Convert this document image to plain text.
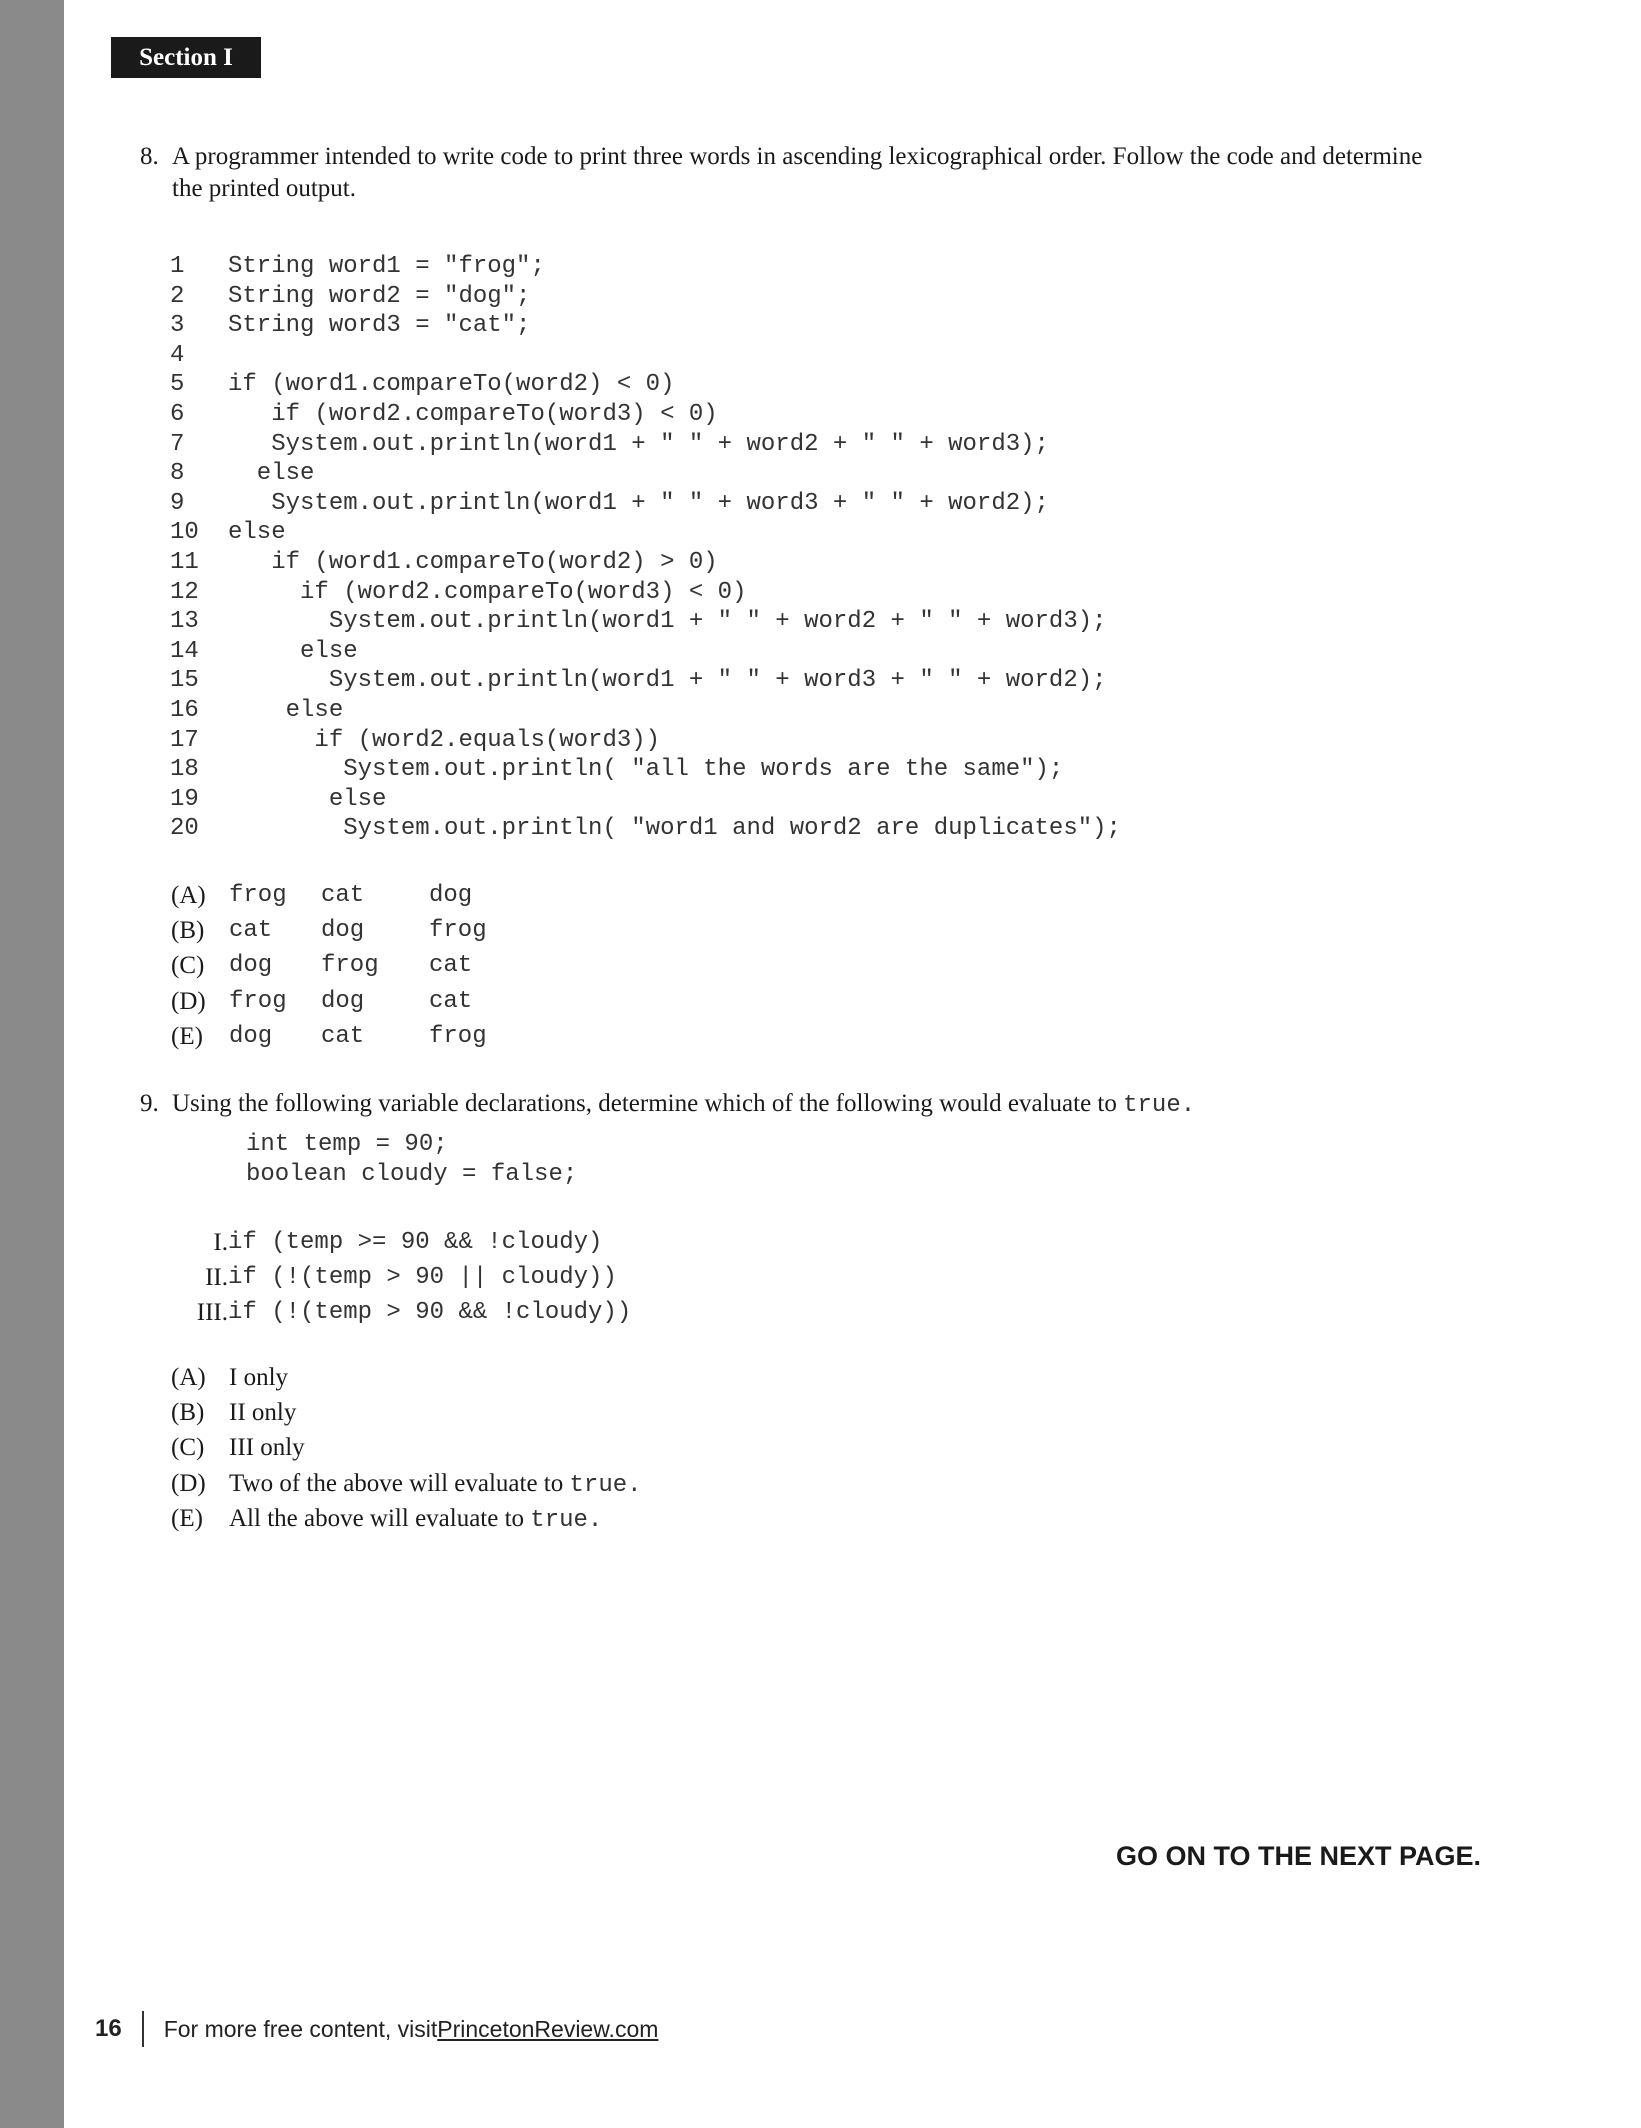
Section I
8. A programmer intended to write code to print three words in ascending lexicographical order. Follow the code and determine
the printed output.
1 String word1 = "frog";
2 String word2 = "dog";
3 String word3 = "cat";
4
5 if (word1.compareTo(word2) < 0)
6   if (word2.compareTo(word3) < 0)
7   System.out.println(word1 + " " + word2 + " " + word3);
8  else
9   System.out.println(word1 + " " + word3 + " " + word2);
10 else
11   if (word1.compareTo(word2) > 0)
12     if (word2.compareTo(word3) < 0)
13       System.out.println(word1 + " " + word2 + " " + word3);
14     else
15       System.out.println(word1 + " " + word3 + " " + word2);
16    else
17      if (word2.equals(word3))
18        System.out.println( "all the words are the same");
19       else
20        System.out.println( "word1 and word2 are duplicates");
(A) frog cat	dog
(B) cat dog	frog
(C) dog frog cat
(D) frog dog	cat
(E) dog cat	frog
9. Using the following variable declarations, determine which of the following would evaluate to true.
int temp = 90;
boolean cloudy = false;
I. if (temp >= 90 && !cloudy)
II. if (!(temp > 90 || cloudy))
III. if (!(temp > 90 && !cloudy))
(A) I only
(B) II only
(C) III only
(D) Two of the above will evaluate to true.
(E) All the above will evaluate to true.
GO ON TO THE NEXT PAGE.
16 For more free content, visit PrincetonReview.com
